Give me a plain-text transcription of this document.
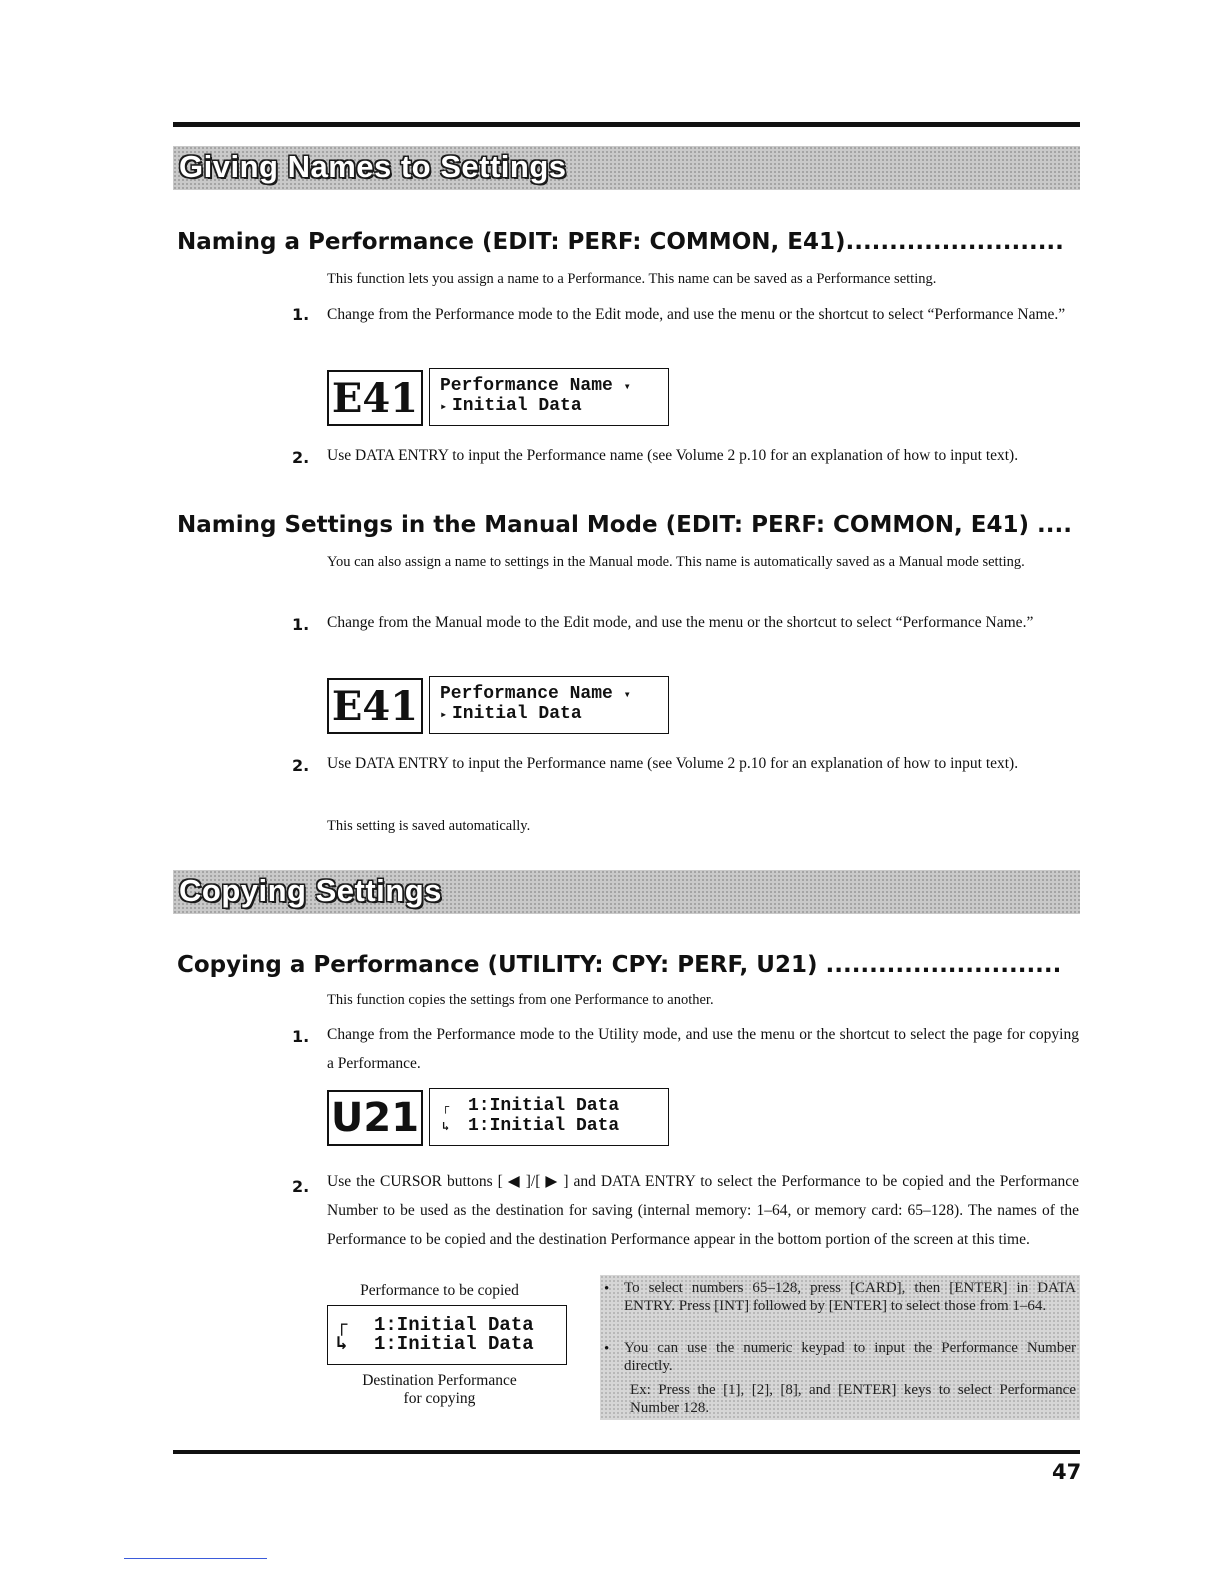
Giving Names to Settings
Naming a Performance (EDIT: PERF: COMMON, E41).........................

This function lets you assign a name to a Performance. This name can be saved as a Performance setting.

1. Change from the Performance mode to the Edit mode, and use the menu or the shortcut to select “Performance Name.”

E41 Performance Name ▾
▸ Initial Data
2. Use DATA ENTRY to input the Performance name (see Volume 2 p.10 for an explanation of how to input text).

Naming Settings in the Manual Mode (EDIT: PERF: COMMON, E41) ....

You can also assign a name to settings in the Manual mode. This name is automatically saved as a Manual mode setting.

1. Change from the Manual mode to the Edit mode, and use the menu or the shortcut to select “Performance Name.”

E41 Performance Name ▾
▸ Initial Data
2. Use DATA ENTRY to input the Performance name (see Volume 2 p.10 for an explanation of how to input text).

This setting is saved automatically.

Copying Settings
Copying a Performance (UTILITY: CPY: PERF, U21) ...........................

This function copies the settings from one Performance to another.

1. Change from the Performance mode to the Utility mode, and use the menu or the shortcut to select the page for copying a Performance.

U21	┌ 1:Initial Data
↳ 1:Initial Data
2. Use the CURSOR buttons [ ◀ ]/[ ▶ ] and DATA ENTRY to select the Performance to be copied and the Performance Number to be used as the destination for saving (internal memory: 1–64, or memory card: 65–128). The names of the Performance to be copied and the destination Performance appear in the bottom portion of the screen at this time.

Performance to be copied
┌ 1:Initial Data
↳ 1:Initial Data
Destination Performance
for copying
• To select numbers 65–128, press [CARD], then [ENTER] in DATA ENTRY. Press [INT] followed by [ENTER] to select those from 1–64.
• You can use the numeric keypad to input the Performance Number directly.
Ex: Press the [1], [2], [8], and [ENTER] keys to select Performance Number 128.
47
